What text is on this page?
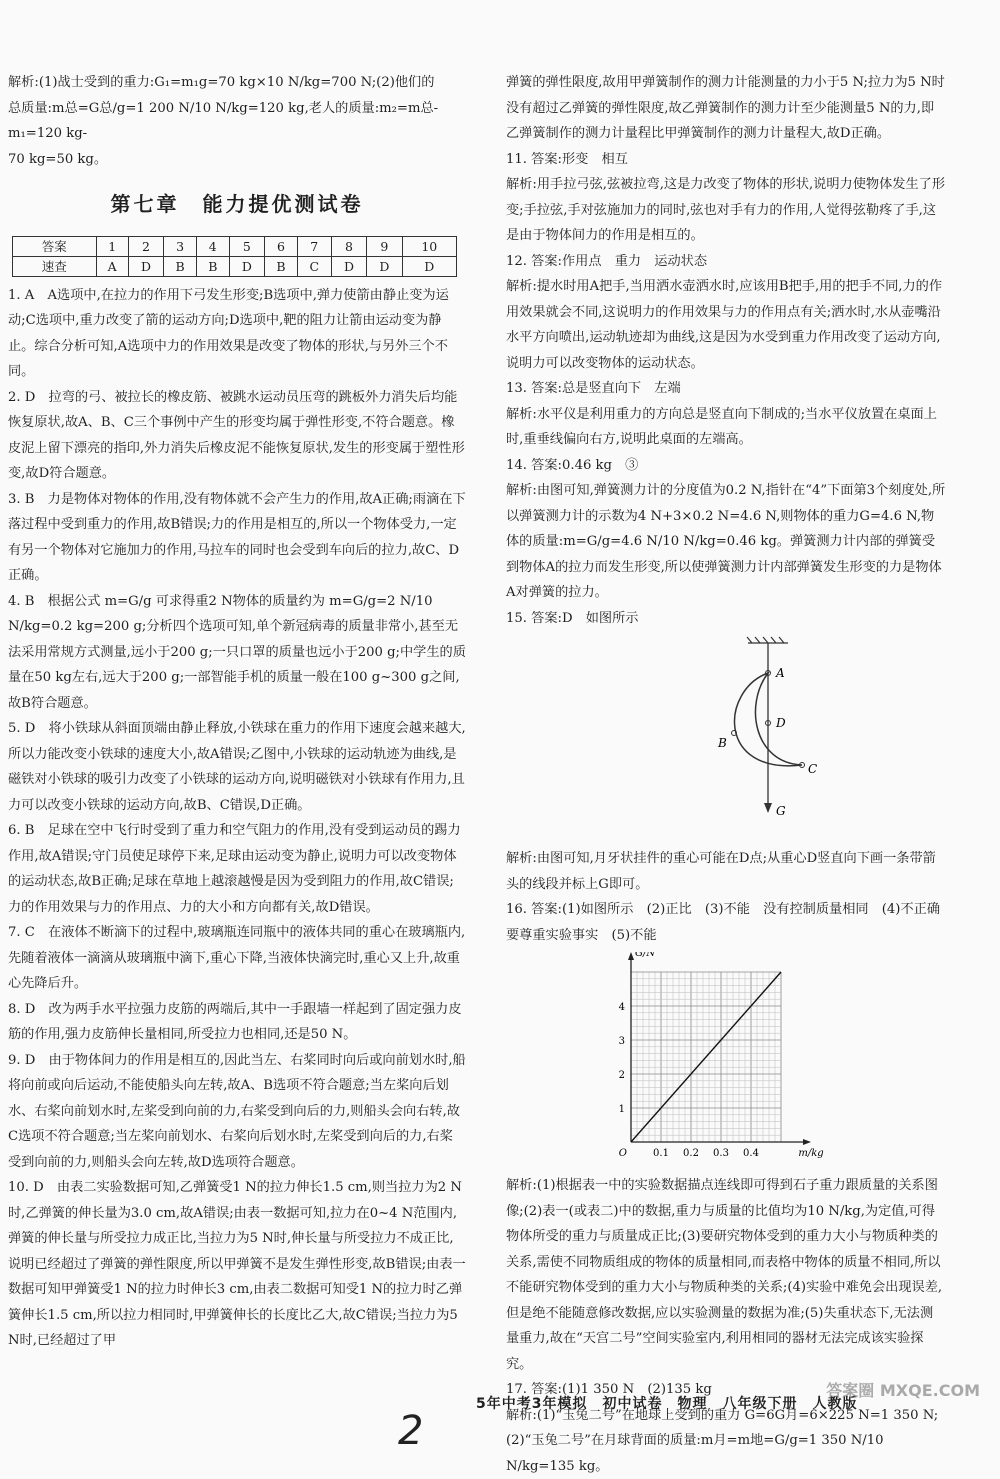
解析:(1)战士受到的重力:G₁=m₁g=70 kg×10 N/kg=700 N;(2)他们的

总质量:m总=G总/g=1 200 N/10 N/kg=120 kg,老人的质量:m₂=m总-m₁=120 kg-

70 kg=50 kg。

第七章　能力提优测试卷
答案	1	2	3	4	5	6	7	8	9	10
速查	A	D	B	B	D	B	C	D	D	D

1. A　A选项中,在拉力的作用下弓发生形变;B选项中,弹力使箭由静止变为运动;C选项中,重力改变了箭的运动方向;D选项中,靶的阻力让箭由运动变为静止。综合分析可知,A选项中力的作用效果是改变了物体的形状,与另外三个不同。

2. D　拉弯的弓、被拉长的橡皮筋、被跳水运动员压弯的跳板外力消失后均能恢复原状,故A、B、C三个事例中产生的形变均属于弹性形变,不符合题意。橡皮泥上留下漂亮的指印,外力消失后橡皮泥不能恢复原状,发生的形变属于塑性形变,故D符合题意。

3. B　力是物体对物体的作用,没有物体就不会产生力的作用,故A正确;雨滴在下落过程中受到重力的作用,故B错误;力的作用是相互的,所以一个物体受力,一定有另一个物体对它施加力的作用,马拉车的同时也会受到车向后的拉力,故C、D正确。

4. B　根据公式 m=G/g 可求得重2 N物体的质量约为 m=G/g=2 N/10 N/kg=0.2 kg=200 g;分析四个选项可知,单个新冠病毒的质量非常小,甚至无法采用常规方式测量,远小于200 g;一只口罩的质量也远小于200 g;中学生的质量在50 kg左右,远大于200 g;一部智能手机的质量一般在100 g~300 g之间,故B符合题意。

5. D　将小铁球从斜面顶端由静止释放,小铁球在重力的作用下速度会越来越大,所以力能改变小铁球的速度大小,故A错误;乙图中,小铁球的运动轨迹为曲线,是磁铁对小铁球的吸引力改变了小铁球的运动方向,说明磁铁对小铁球有作用力,且力可以改变小铁球的运动方向,故B、C错误,D正确。

6. B　足球在空中飞行时受到了重力和空气阻力的作用,没有受到运动员的踢力作用,故A错误;守门员使足球停下来,足球由运动变为静止,说明力可以改变物体的运动状态,故B正确;足球在草地上越滚越慢是因为受到阻力的作用,故C错误;力的作用效果与力的作用点、力的大小和方向都有关,故D错误。

7. C　在液体不断滴下的过程中,玻璃瓶连同瓶中的液体共同的重心在玻璃瓶内,先随着液体一滴滴从玻璃瓶中滴下,重心下降,当液体快滴完时,重心又上升,故重心先降后升。

8. D　改为两手水平拉强力皮筋的两端后,其中一手跟墙一样起到了固定强力皮筋的作用,强力皮筋伸长量相同,所受拉力也相同,还是50 N。

9. D　由于物体间力的作用是相互的,因此当左、右桨同时向后或向前划水时,船将向前或向后运动,不能使船头向左转,故A、B选项不符合题意;当左桨向后划水、右桨向前划水时,左桨受到向前的力,右桨受到向后的力,则船头会向右转,故C选项不符合题意;当左桨向前划水、右桨向后划水时,左桨受到向后的力,右桨受到向前的力,则船头会向左转,故D选项符合题意。

10. D　由表二实验数据可知,乙弹簧受1 N的拉力伸长1.5 cm,则当拉力为2 N时,乙弹簧的伸长量为3.0 cm,故A错误;由表一数据可知,拉力在0~4 N范围内,弹簧的伸长量与所受拉力成正比,当拉力为5 N时,伸长量与所受拉力不成正比,说明已经超过了弹簧的弹性限度,所以甲弹簧不是发生弹性形变,故B错误;由表一数据可知甲弹簧受1 N的拉力时伸长3 cm,由表二数据可知受1 N的拉力时乙弹簧伸长1.5 cm,所以拉力相同时,甲弹簧伸长的长度比乙大,故C错误;当拉力为5 N时,已经超过了甲

弹簧的弹性限度,故用甲弹簧制作的测力计能测量的力小于5 N;拉力为5 N时没有超过乙弹簧的弹性限度,故乙弹簧制作的测力计至少能测量5 N的力,即乙弹簧制作的测力计量程比甲弹簧制作的测力计量程大,故D正确。

11. 答案:形变　相互

解析:用手拉弓弦,弦被拉弯,这是力改变了物体的形状,说明力使物体发生了形变;手拉弦,手对弦施加力的同时,弦也对手有力的作用,人觉得弦勒疼了手,这是由于物体间力的作用是相互的。

12. 答案:作用点　重力　运动状态

解析:提水时用A把手,当用洒水壶洒水时,应该用B把手,用的把手不同,力的作用效果就会不同,这说明力的作用效果与力的作用点有关;洒水时,水从壶嘴沿水平方向喷出,运动轨迹却为曲线,这是因为水受到重力作用改变了运动方向,说明力可以改变物体的运动状态。

13. 答案:总是竖直向下　左端

解析:水平仪是利用重力的方向总是竖直向下制成的;当水平仪放置在桌面上时,重垂线偏向右方,说明此桌面的左端高。

14. 答案:0.46 kg　③

解析:由图可知,弹簧测力计的分度值为0.2 N,指针在“4”下面第3个刻度处,所以弹簧测力计的示数为4 N+3×0.2 N=4.6 N,则物体的重力G=4.6 N,物体的质量:m=G/g=4.6 N/10 N/kg=0.46 kg。弹簧测力计内部的弹簧受到物体A的拉力而发生形变,所以使弹簧测力计内部弹簧发生形变的力是物体A对弹簧的拉力。

15. 答案:D　如图所示

A
D
B
C
G

解析:由图可知,月牙状挂件的重心可能在D点;从重心D竖直向下画一条带箭头的线段并标上G即可。

16. 答案:(1)如图所示　(2)正比　(3)不能　没有控制质量相同　(4)不正确　要尊重实验事实　(5)不能

0.1 0.2 0.3 0.4
1
2
3
4
O	m/kg
G/N

解析:(1)根据表一中的实验数据描点连线即可得到石子重力跟质量的关系图像;(2)表一(或表二)中的数据,重力与质量的比值均为10 N/kg,为定值,可得物体所受的重力与质量成正比;(3)要研究物体受到的重力大小与物质种类的关系,需使不同物质组成的物体的质量相同,而表格中物体的质量不相同,所以不能研究物体受到的重力大小与物质种类的关系;(4)实验中难免会出现误差,但是绝不能随意修改数据,应以实验测量的数据为准;(5)失重状态下,无法测量重力,故在“天宫二号”空间实验室内,利用相同的器材无法完成该实验探究。

17. 答案:(1)1 350 N　(2)135 kg

解析:(1)“玉兔二号”在地球上受到的重力 G=6G月=6×225 N=1 350 N;

(2)“玉兔二号”在月球背面的质量:m月=m地=G/g=1 350 N/10 N/kg=135 kg。

5年中考3年模拟　初中试卷　物理　八年级下册　人教版
2
答案圈 MXQE.COM
